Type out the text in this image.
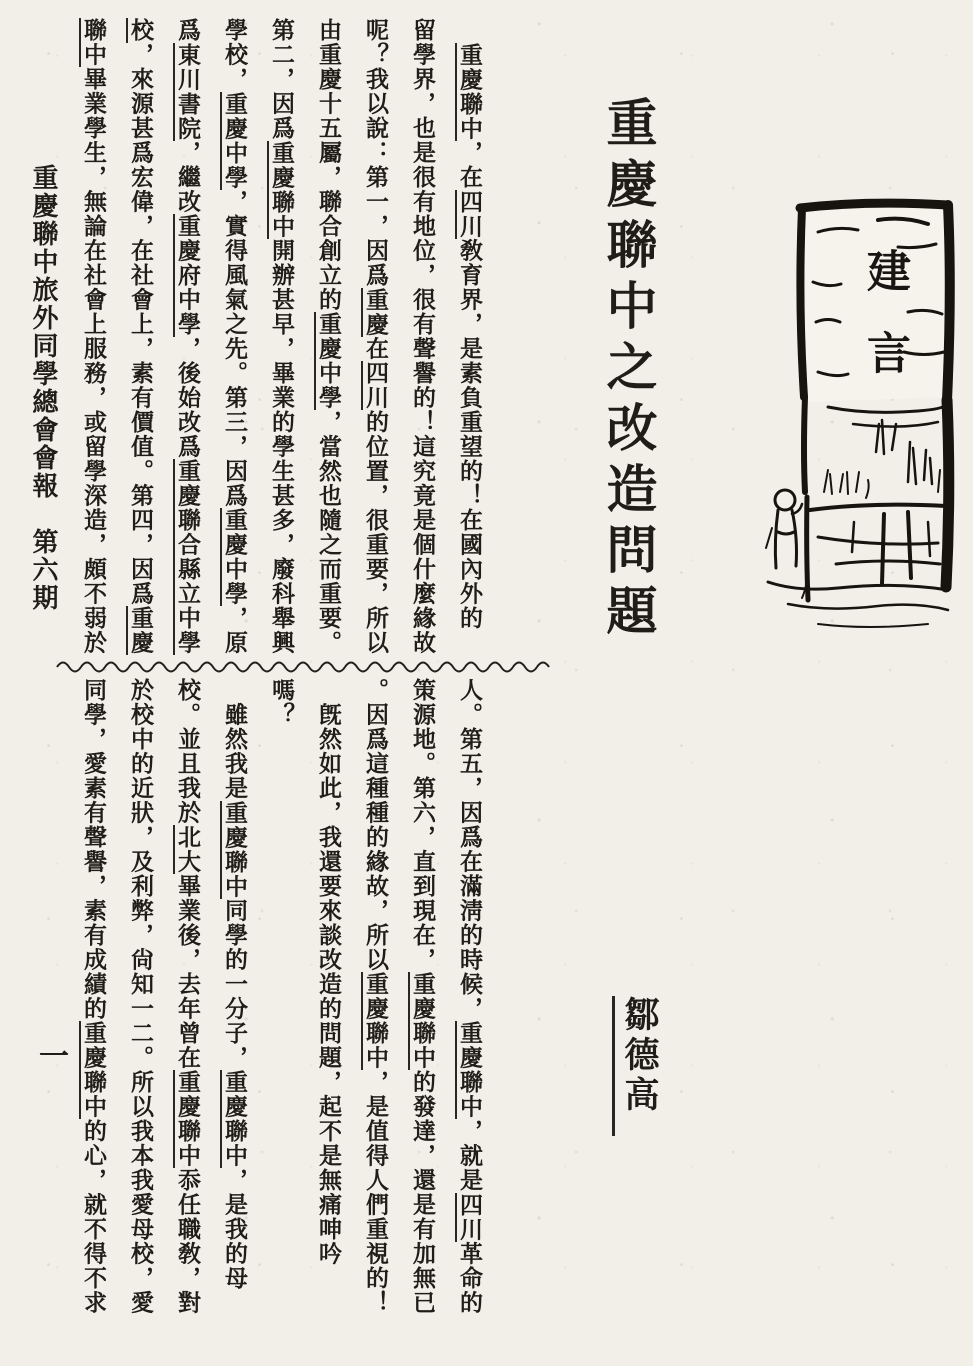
建言
重慶聯中之改造問題
鄒德高
　重慶聯中，在四川敎育界，是素負重望的！在國內外的
留學界，也是很有地位，很有聲譽的！這究竟是個什麼緣故
呢？我以說：第一，因爲重慶在四川的位置，很重要，所以
由重慶十五屬，聯合創立的重慶中學，當然也隨之而重要。
第二，因爲重慶聯中開辦甚早，畢業的學生甚多，廢科舉興
學校，重慶中學，實得風氣之先。第三，因爲重慶中學，原
爲東川書院，繼改重慶府中學，後始改爲重慶聯合縣立中學
校，來源甚爲宏偉，在社會上，素有價值。第四，因爲重慶
聯中畢業學生，無論在社會上服務，或留學深造，頗不弱於
人。第五，因爲在滿淸的時候，重慶聯中，就是四川革命的
策源地。第六，直到現在，重慶聯中的發達，還是有加無已
。因爲這種種的緣故，所以重慶聯中，是值得人們重視的！
　旣然如此，我還要來談改造的問題，起不是無痛呻吟
嗎？
　雖然我是重慶聯中同學的一分子，重慶聯中，是我的母
校。並且我於北大畢業後，去年曾在重慶聯中忝任職敎，對
於校中的近狀，及利弊，尙知一二。所以我本我愛母校，愛
同學，愛素有聲譽，素有成績的重慶聯中的心，就不得不求
重慶聯中旅外同學總會會報　第六期
一
